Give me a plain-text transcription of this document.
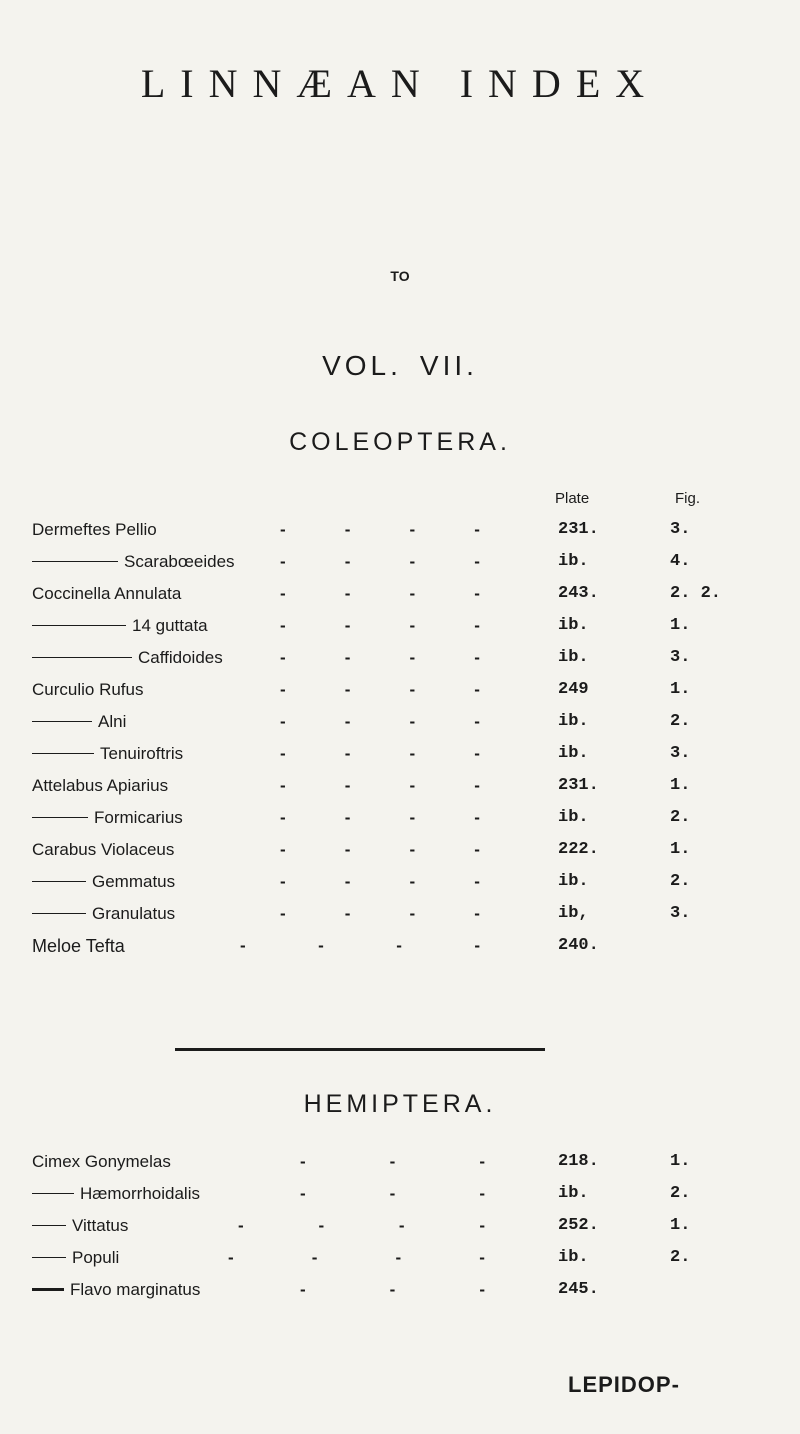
LINNÆAN INDEX
TO
VOL. VII.
COLEOPTERA.
Plate	Fig.
Dermeftes Pellio	-	-	-	-	231.	3.
Scarabœeides	-	-	-	-	ib.	4.
Coccinella Annulata	-	-	-	-	243.	2. 2.
14 guttata	-	-	-	-	ib.	1.
Caffidoides	-	-	-	-	ib.	3.
Curculio Rufus	-	-	-	-	249	1.
Alni	-	-	-	-	ib.	2.
Tenuiroftris	-	-	-	-	ib.	3.
Attelabus Apiarius	-	-	-	-	231.	1.
Formicarius	-	-	-	-	ib.	2.
Carabus Violaceus	-	-	-	-	222.	1.
Gemmatus	-	-	-	-	ib.	2.
Granulatus	-	-	-	-	ib,	3.
Meloe Tefta	-	-	-	-	240.
HEMIPTERA.
Cimex Gonymelas	-	-	-	218.	1.
Hæmorrhoidalis	-	-	-	ib.	2.
Vittatus	-	-	-	-	252.	1.
Populi	-	-	-	-	ib.	2.
Flavo marginatus	-	-	-	245.
LEPIDOP-
